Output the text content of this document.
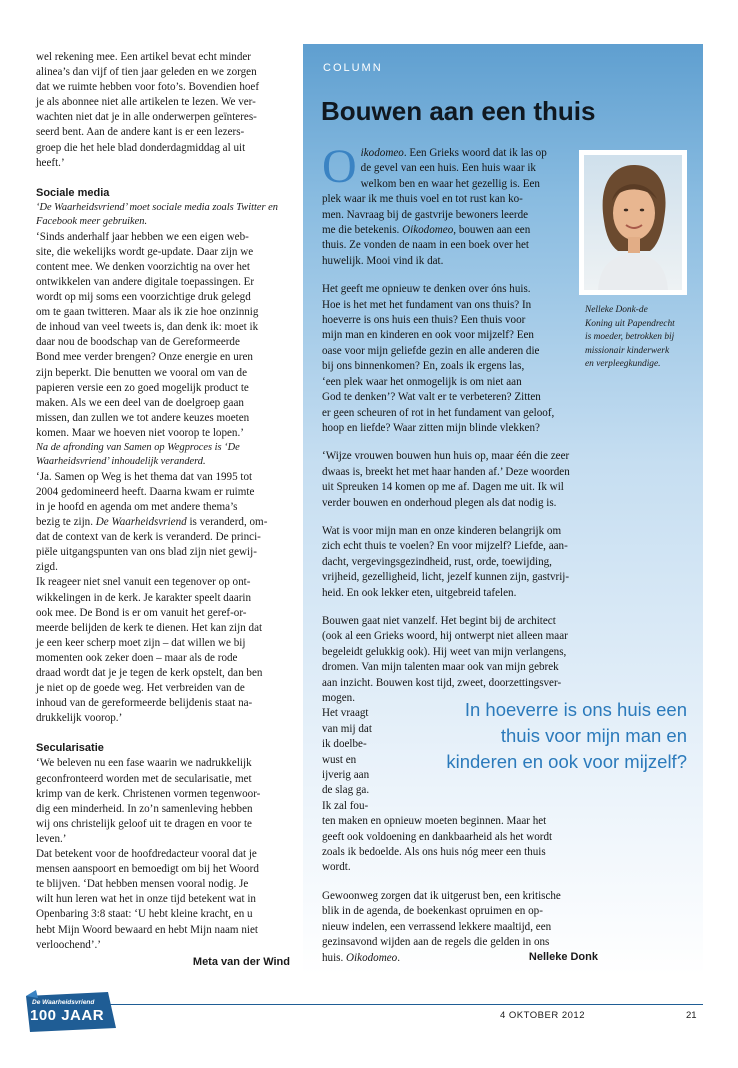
wel rekening mee. Een artikel bevat echt minder

alinea’s dan vijf of tien jaar geleden en we zorgen

dat we ruimte hebben voor foto’s. Bovendien hoef

je als abonnee niet alle artikelen te lezen. We ver-

wachten niet dat je in alle onderwerpen geïnteres-

seerd bent. Aan de andere kant is er een lezers-

groep die het hele blad donderdagmiddag al uit

heeft.’

Sociale media

‘De Waarheidsvriend’ moet sociale media zoals Twitter en

Facebook meer gebruiken.

‘Sinds anderhalf jaar hebben we een eigen web-

site, die wekelijks wordt ge-update. Daar zijn we

content mee. We denken voorzichtig na over het

ontwikkelen van andere digitale toepassingen. Er

wordt op mij soms een voorzichtige druk gelegd

om te gaan twitteren. Maar als ik zie hoe onzinnig

de inhoud van veel tweets is, dan denk ik: moet ik

daar nou de boodschap van de Gereformeerde

Bond mee verder brengen? Onze energie en uren

zijn beperkt. Die benutten we vooral om van de

papieren versie een zo goed mogelijk product te

maken. Als we een deel van de doelgroep gaan

missen, dan zullen we tot andere keuzes moeten

komen. Maar we hoeven niet voorop te lopen.’

Na de afronding van Samen op Wegproces is ‘De

Waarheidsvriend’ inhoudelijk veranderd.

‘Ja. Samen op Weg is het thema dat van 1995 tot

2004 gedomineerd heeft. Daarna kwam er ruimte

in je hoofd en agenda om met andere thema’s

bezig te zijn. De Waarheidsvriend is veranderd, om-

dat de context van de kerk is veranderd. De princi-

piële uitgangspunten van ons blad zijn niet gewij-

zigd.

Ik reageer niet snel vanuit een tegenover op ont-

wikkelingen in de kerk. Je karakter speelt daarin

ook mee. De Bond is er om vanuit het geref-or-

meerde belijden de kerk te dienen. Het kan zijn dat

je een keer scherp moet zijn – dat willen we bij

momenten ook zeker doen – maar als de rode

draad wordt dat je je tegen de kerk opstelt, dan ben

je niet op de goede weg. Het verbreiden van de

inhoud van de gereformeerde belijdenis staat na-

drukkelijk voorop.’

Secularisatie

‘We beleven nu een fase waarin we nadrukkelijk

geconfronteerd worden met de secularisatie, met

krimp van de kerk. Christenen vormen tegenwoor-

dig een minderheid. In zo’n samenleving hebben

wij ons christelijk geloof uit te dragen en voor te

leven.’

Dat betekent voor de hoofdredacteur vooral dat je

mensen aanspoort en bemoedigt om bij het Woord

te blijven. ‘Dat hebben mensen vooral nodig. Je

wilt hun leren wat het in onze tijd betekent wat in

Openbaring 3:8 staat: ‘U hebt kleine kracht, en u

hebt Mijn Woord bewaard en hebt Mijn naam niet

verloochend’.’

Meta van der Wind

COLUMN
Bouwen aan een thuis
Nelleke Donk-de
Koning uit Papendrecht
is moeder, betrokken bij
missionair kinderwerk
en verpleegkundige.
O ikodomeo. Een Grieks woord dat ik las op

de gevel van een huis. Een huis waar ik

welkom ben en waar het gezellig is. Een

plek waar ik me thuis voel en tot rust kan ko-

men. Navraag bij de gastvrije bewoners leerde

me die betekenis. Oikodomeo, bouwen aan een

thuis. Ze vonden de naam in een boek over het

huwelijk. Mooi vind ik dat.

Het geeft me opnieuw te denken over óns huis.

Hoe is het met het fundament van ons thuis? In

hoeverre is ons huis een thuis? Een thuis voor

mijn man en kinderen en ook voor mijzelf? Een

oase voor mijn geliefde gezin en alle anderen die

bij ons binnenkomen? En, zoals ik ergens las,

‘een plek waar het onmogelijk is om niet aan

God te denken’? Wat valt er te verbeteren? Zitten

er geen scheuren of rot in het fundament van geloof,

hoop en liefde? Waar zitten mijn blinde vlekken?

‘Wijze vrouwen bouwen hun huis op, maar één die zeer

dwaas is, breekt het met haar handen af.’ Deze woorden

uit Spreuken 14 komen op me af. Dagen me uit. Ik wil

verder bouwen en onderhoud plegen als dat nodig is.

Wat is voor mijn man en onze kinderen belangrijk om

zich echt thuis te voelen? En voor mijzelf? Liefde, aan-

dacht, vergevingsgezindheid, rust, orde, toewijding,

vrijheid, gezelligheid, licht, jezelf kunnen zijn, gastvrij-

heid. En ook lekker eten, uitgebreid tafelen.

Bouwen gaat niet vanzelf. Het begint bij de architect

(ook al een Grieks woord, hij ontwerpt niet alleen maar

begeleidt gelukkig ook). Hij weet van mijn verlangens,

dromen. Van mijn talenten maar ook van mijn gebrek

aan inzicht. Bouwen kost tijd, zweet, doorzettingsver-

mogen.

Het vraagt

van mij dat

ik doelbe-

wust en

ijverig aan

de slag ga.

Ik zal fou-

ten maken en opnieuw moeten beginnen. Maar het

geeft ook voldoening en dankbaarheid als het wordt

zoals ik bedoelde. Als ons huis nóg meer een thuis

wordt.

Gewoonweg zorgen dat ik uitgerust ben, een kritische

blik in de agenda, de boekenkast opruimen en op-

nieuw indelen, een verrassend lekkere maaltijd, een

gezinsavond wijden aan de regels die gelden in ons

huis. Oikodomeo.

In hoeverre is ons huis een
thuis voor mijn man en
kinderen en ook voor mijzelf?
Nelleke Donk
De Waarheidsvriend
100 JAAR	4 OKTOBER 2012	21
